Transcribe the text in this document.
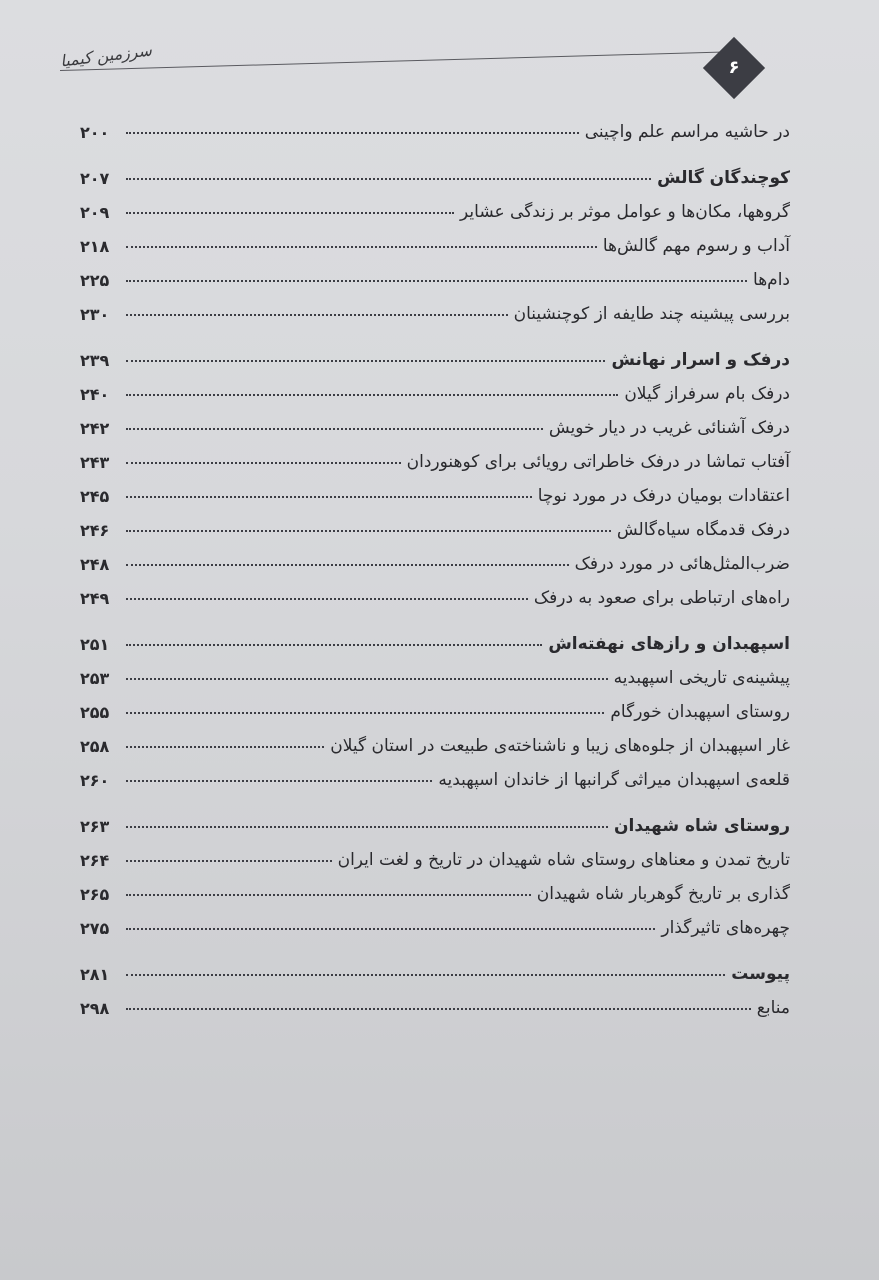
سرزمین کیمیا	۶
۲۰۰	در حاشیه مراسم علم واچینی
۲۰۷	کوچندگان گالش
۲۰۹	گروهها، مکان‌ها و عوامل موثر بر زندگی عشایر
۲۱۸	آداب و رسوم مهم گالش‌ها
۲۲۵	دام‌ها
۲۳۰	بررسی پیشینه چند طایفه از کوچنشینان
۲۳۹	درفک و اسرار نهانش
۲۴۰	درفک بام سرفراز گیلان
۲۴۲	درفک آشنائی غریب در دیار خویش
۲۴۳	آفتاب تماشا در درفک خاطراتی رویائی برای کوهنوردان
۲۴۵	اعتقادات بومیان درفک در مورد نوچا
۲۴۶	درفک قدمگاه سیاه‌گالش
۲۴۸	ضرب‌المثل‌هائی در مورد درفک
۲۴۹	راه‌های ارتباطی برای صعود به درفک
۲۵۱	اسپهبدان و رازهای نهفته‌اش
۲۵۳	پیشینه‌ی تاریخی اسپهبدیه
۲۵۵	روستای اسپهبدان خورگام
۲۵۸	غار اسپهبدان از جلوه‌های زیبا و ناشناخته‌ی طبیعت در استان گیلان
۲۶۰	قلعه‌ی اسپهبدان میراثی گرانبها از خاندان اسپهبدیه
۲۶۳	روستای شاه شهیدان
۲۶۴	تاریخ تمدن و معناهای روستای شاه شهیدان در تاریخ و لغت ایران
۲۶۵	گذاری بر تاریخ گوهربار شاه شهیدان
۲۷۵	چهره‌های تاثیرگذار
۲۸۱	پیوست
۲۹۸	منابع
